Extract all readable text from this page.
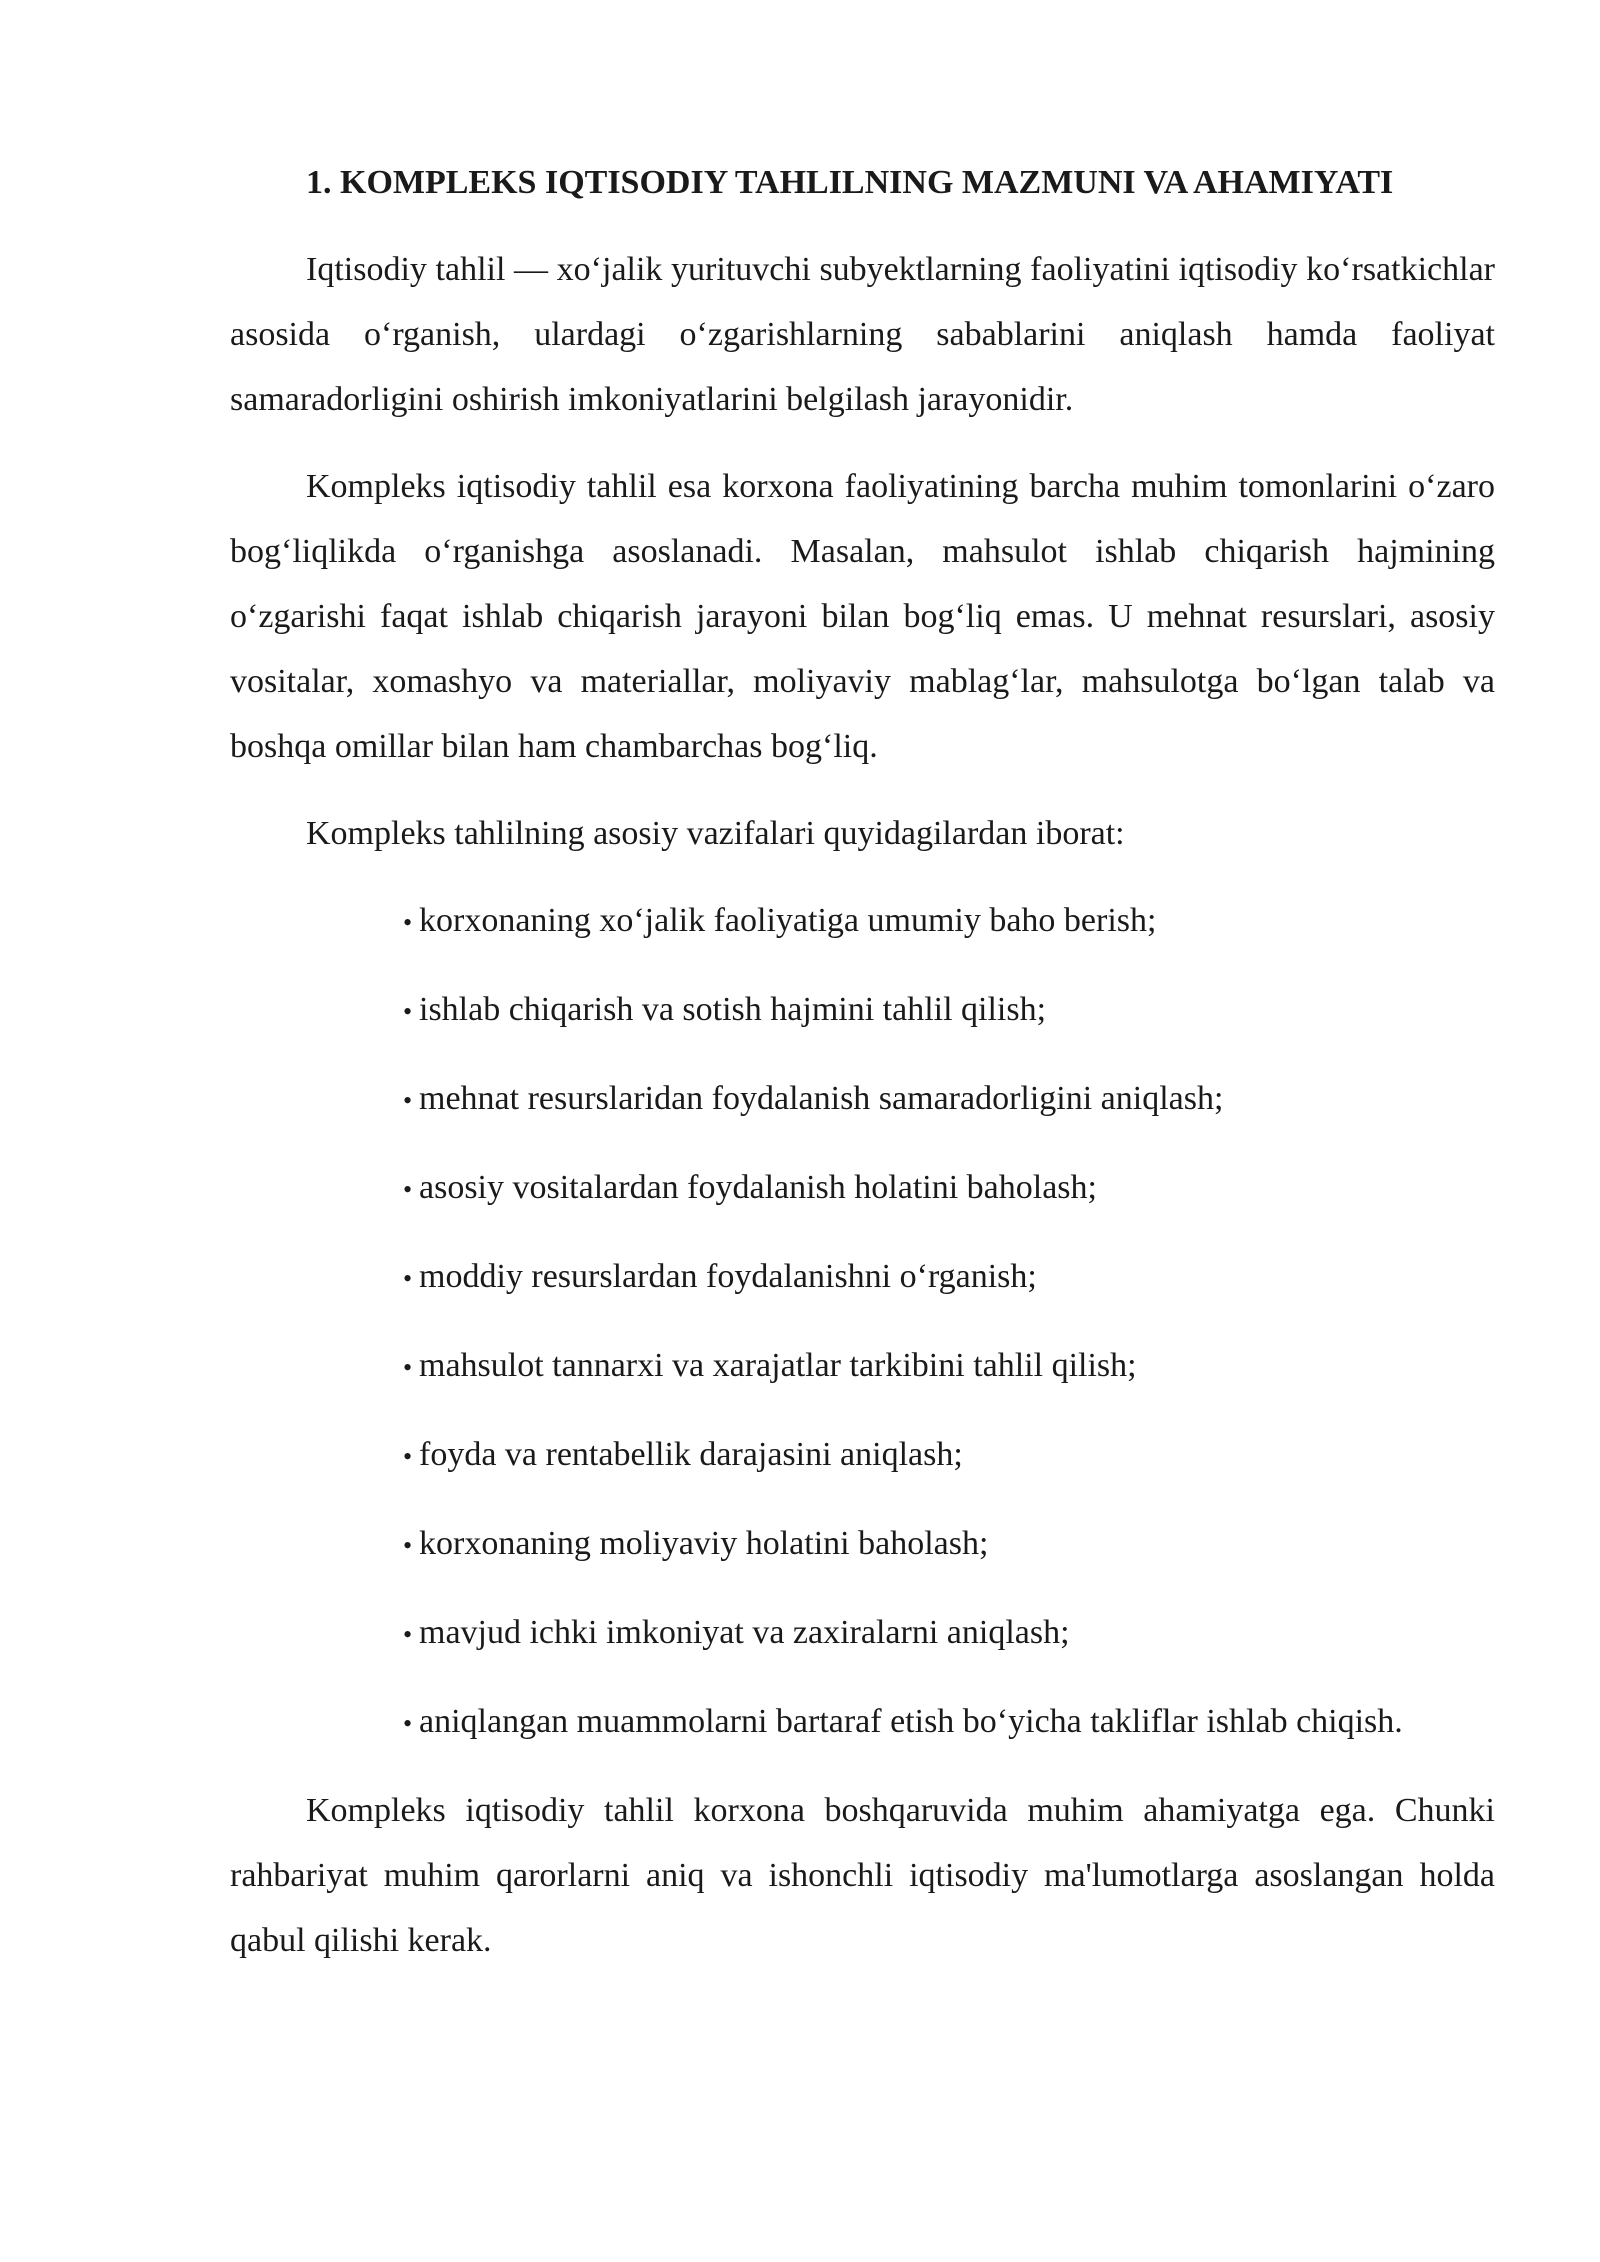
1. KOMPLEKS IQTISODIY TAHLILNING MAZMUNI VA AHAMIYATI

Iqtisodiy tahlil — xo‘jalik yurituvchi subyektlarning faoliyatini iqtisodiy ko‘rsatkichlar asosida o‘rganish, ulardagi o‘zgarishlarning sabablarini aniqlash hamda faoliyat samaradorligini oshirish imkoniyatlarini belgilash jarayonidir.

Kompleks iqtisodiy tahlil esa korxona faoliyatining barcha muhim tomonlarini o‘zaro bog‘liqlikda o‘rganishga asoslanadi. Masalan, mahsulot ishlab chiqarish hajmining o‘zgarishi faqat ishlab chiqarish jarayoni bilan bog‘liq emas. U mehnat resurslari, asosiy vositalar, xomashyo va materiallar, moliyaviy mablag‘lar, mahsulotga bo‘lgan talab va boshqa omillar bilan ham chambarchas bog‘liq.

Kompleks tahlilning asosiy vazifalari quyidagilardan iborat:

• korxonaning xo‘jalik faoliyatiga umumiy baho berish;
• ishlab chiqarish va sotish hajmini tahlil qilish;
• mehnat resurslaridan foydalanish samaradorligini aniqlash;
• asosiy vositalardan foydalanish holatini baholash;
• moddiy resurslardan foydalanishni o‘rganish;
• mahsulot tannarxi va xarajatlar tarkibini tahlil qilish;
• foyda va rentabellik darajasini aniqlash;
• korxonaning moliyaviy holatini baholash;
• mavjud ichki imkoniyat va zaxiralarni aniqlash;
• aniqlangan muammolarni bartaraf etish bo‘yicha takliflar ishlab chiqish.

Kompleks iqtisodiy tahlil korxona boshqaruvida muhim ahamiyatga ega. Chunki rahbariyat muhim qarorlarni aniq va ishonchli iqtisodiy ma'lumotlarga asoslangan holda qabul qilishi kerak.
